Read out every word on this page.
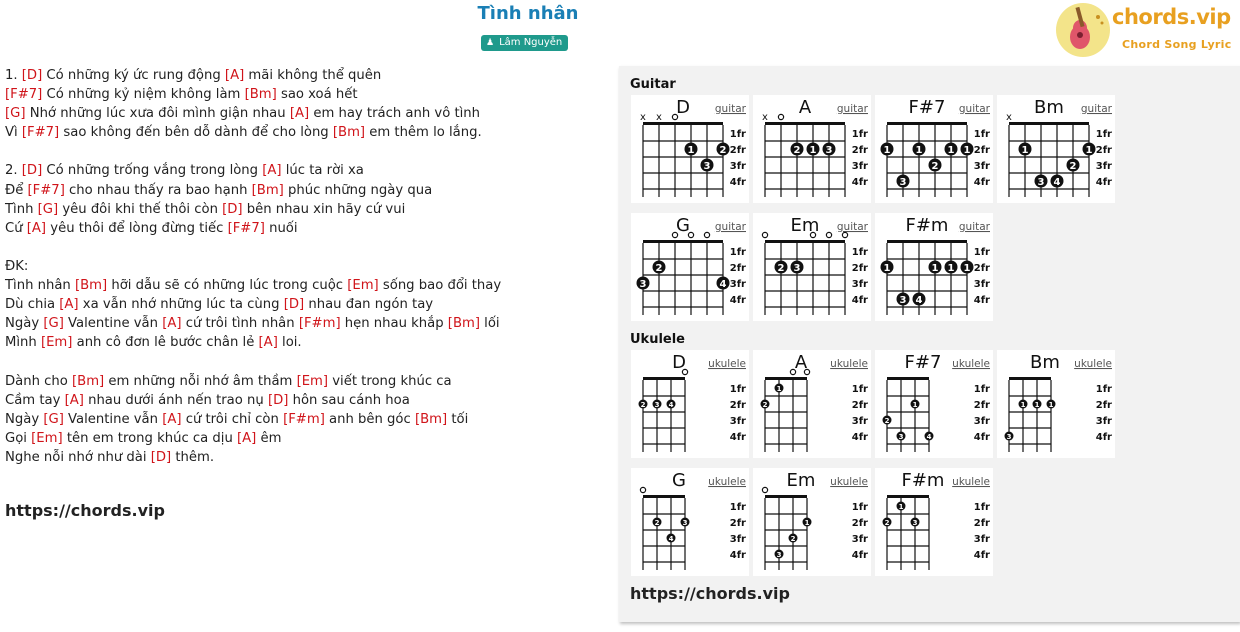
Tình nhân
♟ Lâm Nguyễn
chords.vip
Chord Song Lyric
1. [D] Có những ký ức rung động [A] mãi không thể quên
[F#7] Có những kỷ niệm không làm [Bm] sao xoá hết
[G] Nhớ những lúc xưa đôi mình giận nhau [A] em hay trách anh vô tình
Vì [F#7] sao không đến bên dỗ dành để cho lòng [Bm] em thêm lo lắng.
2. [D] Có những trống vắng trong lòng [A] lúc ta rời xa
Để [F#7] cho nhau thấy ra bao hạnh [Bm] phúc những ngày qua
Tình [G] yêu đôi khi thế thôi còn [D] bên nhau xin hãy cứ vui
Cứ [A] yêu thôi để lòng đừng tiếc [F#7] nuối
ĐK:
Tình nhân [Bm] hỡi dẫu sẽ có những lúc trong cuộc [Em] sống bao đổi thay
Dù chia [A] xa vẫn nhớ những lúc ta cùng [D] nhau đan ngón tay
Ngày [G] Valentine vẫn [A] cứ trôi tình nhân [F#m] hẹn nhau khắp [Bm] lối
Mình [Em] anh cô đơn lê bước chân lẻ [A] loi.
Dành cho [Bm] em những nỗi nhớ âm thầm [Em] viết trong khúc ca
Cầm tay [A] nhau dưới ánh nến trao nụ [D] hôn sau cánh hoa
Ngày [G] Valentine vẫn [A] cứ trôi chỉ còn [F#m] anh bên góc [Bm] tối
Gọi [Em] tên em trong khúc ca dịu [A] êm
Nghe nỗi nhớ như dài [D] thêm.
https://chords.vip
Guitar
Ukulele
https://chords.vip
D guitar
1fr
2fr
3fr
4fr
x x
1	2
3
A guitar
1fr
2fr
3fr
4fr
x
2 1 3
F#7 guitar
1fr
2fr
3fr
4fr
1	1	1 1
2
3
Bm guitar
1fr
2fr
3fr
4fr
x
1	1
2
3 4
G guitar
1fr
2fr
3fr
4fr
2
3	4
Em guitar
1fr
2fr
3fr
4fr
2 3
F#m guitar
1fr
2fr
3fr
4fr
1	1 1 1
3 4
D ukulele
1fr
2fr
3fr
4fr
2 3 4
A ukulele
1fr
2fr
3fr
4fr
1
2
F#7 ukulele
1fr
2fr
3fr
4fr
1
2
3	4
Bm ukulele
1fr
2fr
3fr
4fr
1 1 1
3
G ukulele
1fr
2fr
3fr
4fr
2	3
4
Em ukulele
1fr
2fr
3fr
4fr
1
2
3
F#m ukulele
1fr
2fr
3fr
4fr
1
2	3
